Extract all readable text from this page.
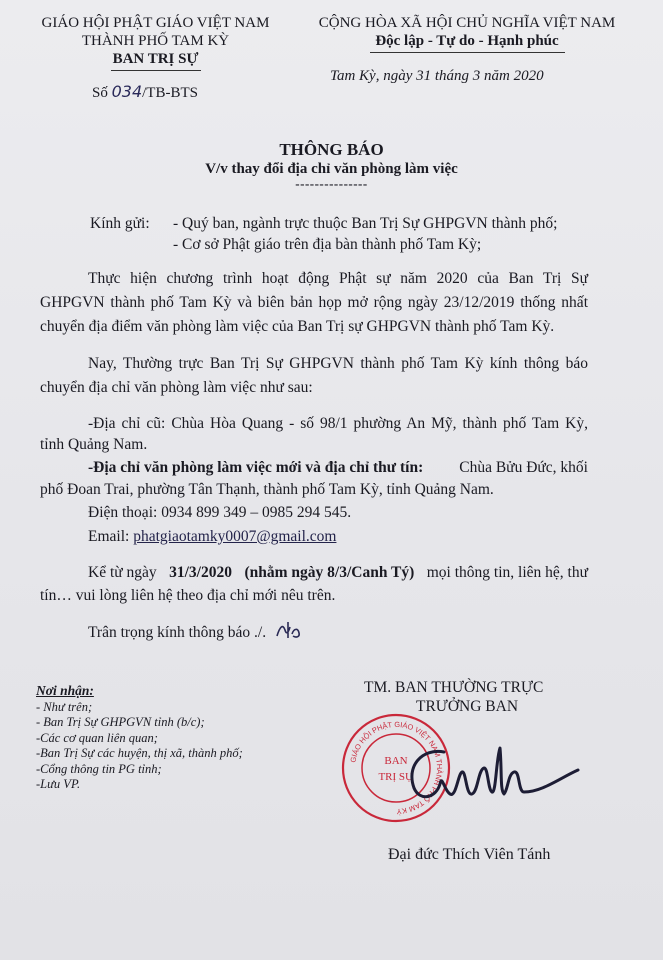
GIÁO HỘI PHẬT GIÁO VIỆT NAM
THÀNH PHỐ TAM KỲ
BAN TRỊ SỰ
Số 034/TB-BTS
CỘNG HÒA XÃ HỘI CHỦ NGHĨA VIỆT NAM
Độc lập - Tự do - Hạnh phúc
Tam Kỳ, ngày 31 tháng 3 năm 2020
THÔNG BÁO
V/v thay đổi địa chỉ văn phòng làm việc
---------------
Kính gửi: - Quý ban, ngành trực thuộc Ban Trị Sự GHPGVN thành phố;
- Cơ sở Phật giáo trên địa bàn thành phố Tam Kỳ;
Thực hiện chương trình hoạt động Phật sự năm 2020 của Ban Trị Sự
GHPGVN thành phố Tam Kỳ và biên bản họp mở rộng ngày 23/12/2019 thống nhất
chuyển địa điểm văn phòng làm việc của Ban Trị sự GHPGVN thành phố Tam Kỳ.
Nay, Thường trực Ban Trị Sự GHPGVN thành phố Tam Kỳ kính thông báo
chuyển địa chỉ văn phòng làm việc như sau:
-Địa chỉ cũ: Chùa Hòa Quang - số 98/1 phường An Mỹ, thành phố Tam Kỳ,
tỉnh Quảng Nam.
-Địa chỉ văn phòng làm việc mới và địa chỉ thư tín: Chùa Bửu Đức, khối
phố Đoan Trai, phường Tân Thạnh, thành phố Tam Kỳ, tỉnh Quảng Nam.
Điện thoại: 0934 899 349 – 0985 294 545.
Email: phatgiaotamky0007@gmail.com
Kể từ ngày 31/3/2020 (nhằm ngày 8/3/Canh Tý) mọi thông tin, liên hệ, thư
tín… vui lòng liên hệ theo địa chỉ mới nêu trên.
Trân trọng kính thông báo ./.
Nơi nhận:
- Như trên;
- Ban Trị Sự GHPGVN tỉnh (b/c);
-Các cơ quan liên quan;
-Ban Trị Sự các huyện, thị xã, thành phố;
-Cổng thông tin PG tỉnh;
-Lưu VP.
TM. BAN THƯỜNG TRỰC
TRƯỞNG BAN
GIÁO HỘI PHẬT GIÁO VIỆT NAM THÀNH PHỐ TAM KỲ
BAN
TRỊ SỰ
Đại đức Thích Viên Tánh
